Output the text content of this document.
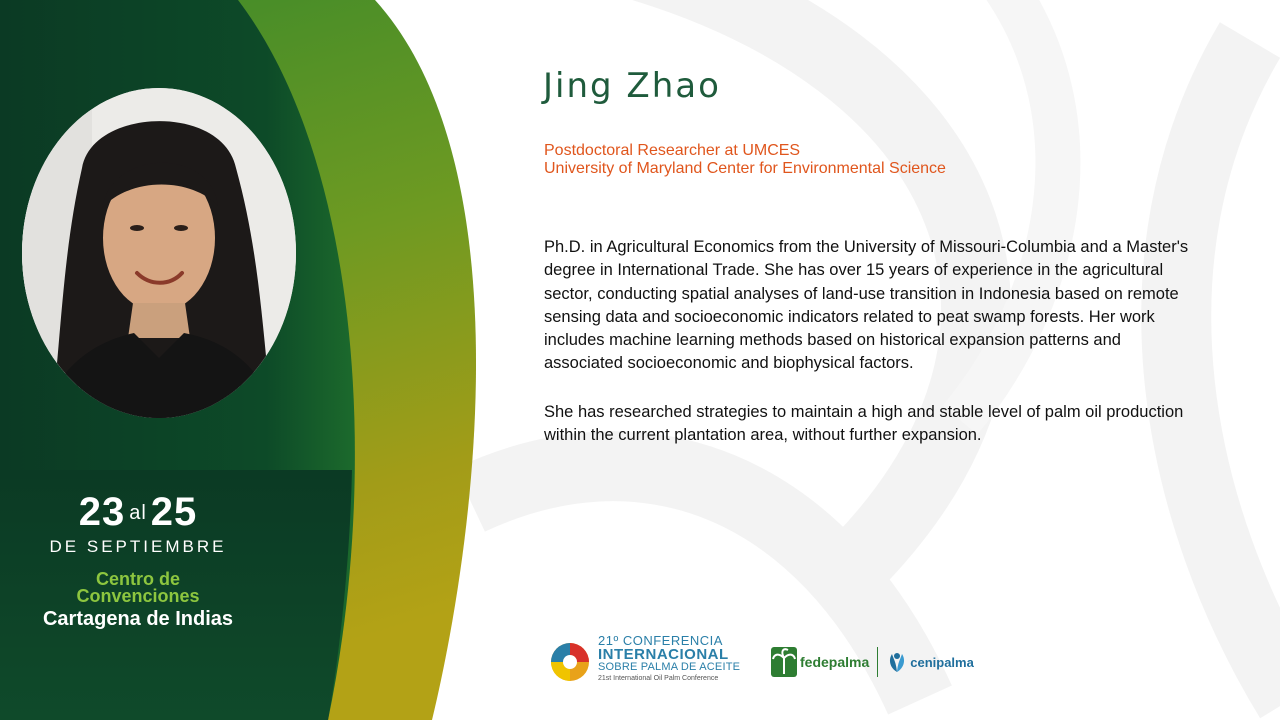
23 al 25
DE SEPTIEMBRE
Centro de
Convenciones
Cartagena de Indias
Jing Zhao
Postdoctoral Researcher at UMCES
University of Maryland Center for Environmental Science

Ph.D. in Agricultural Economics from the University of Missouri-Columbia and a Master's degree in International Trade. She has over 15 years of experience in the agricultural sector, conducting spatial analyses of land-use transition in Indonesia based on remote sensing data and socioeconomic indicators related to peat swamp forests. Her work includes machine learning methods based on historical expansion patterns and associated socioeconomic and biophysical factors.

She has researched strategies to maintain a high and stable level of palm oil production within the current plantation area, without further expansion.

21º CONFERENCIA
INTERNACIONAL
SOBRE PALMA DE ACEITE
21st International Oil Palm Conference
fedepalma	cenipalma
